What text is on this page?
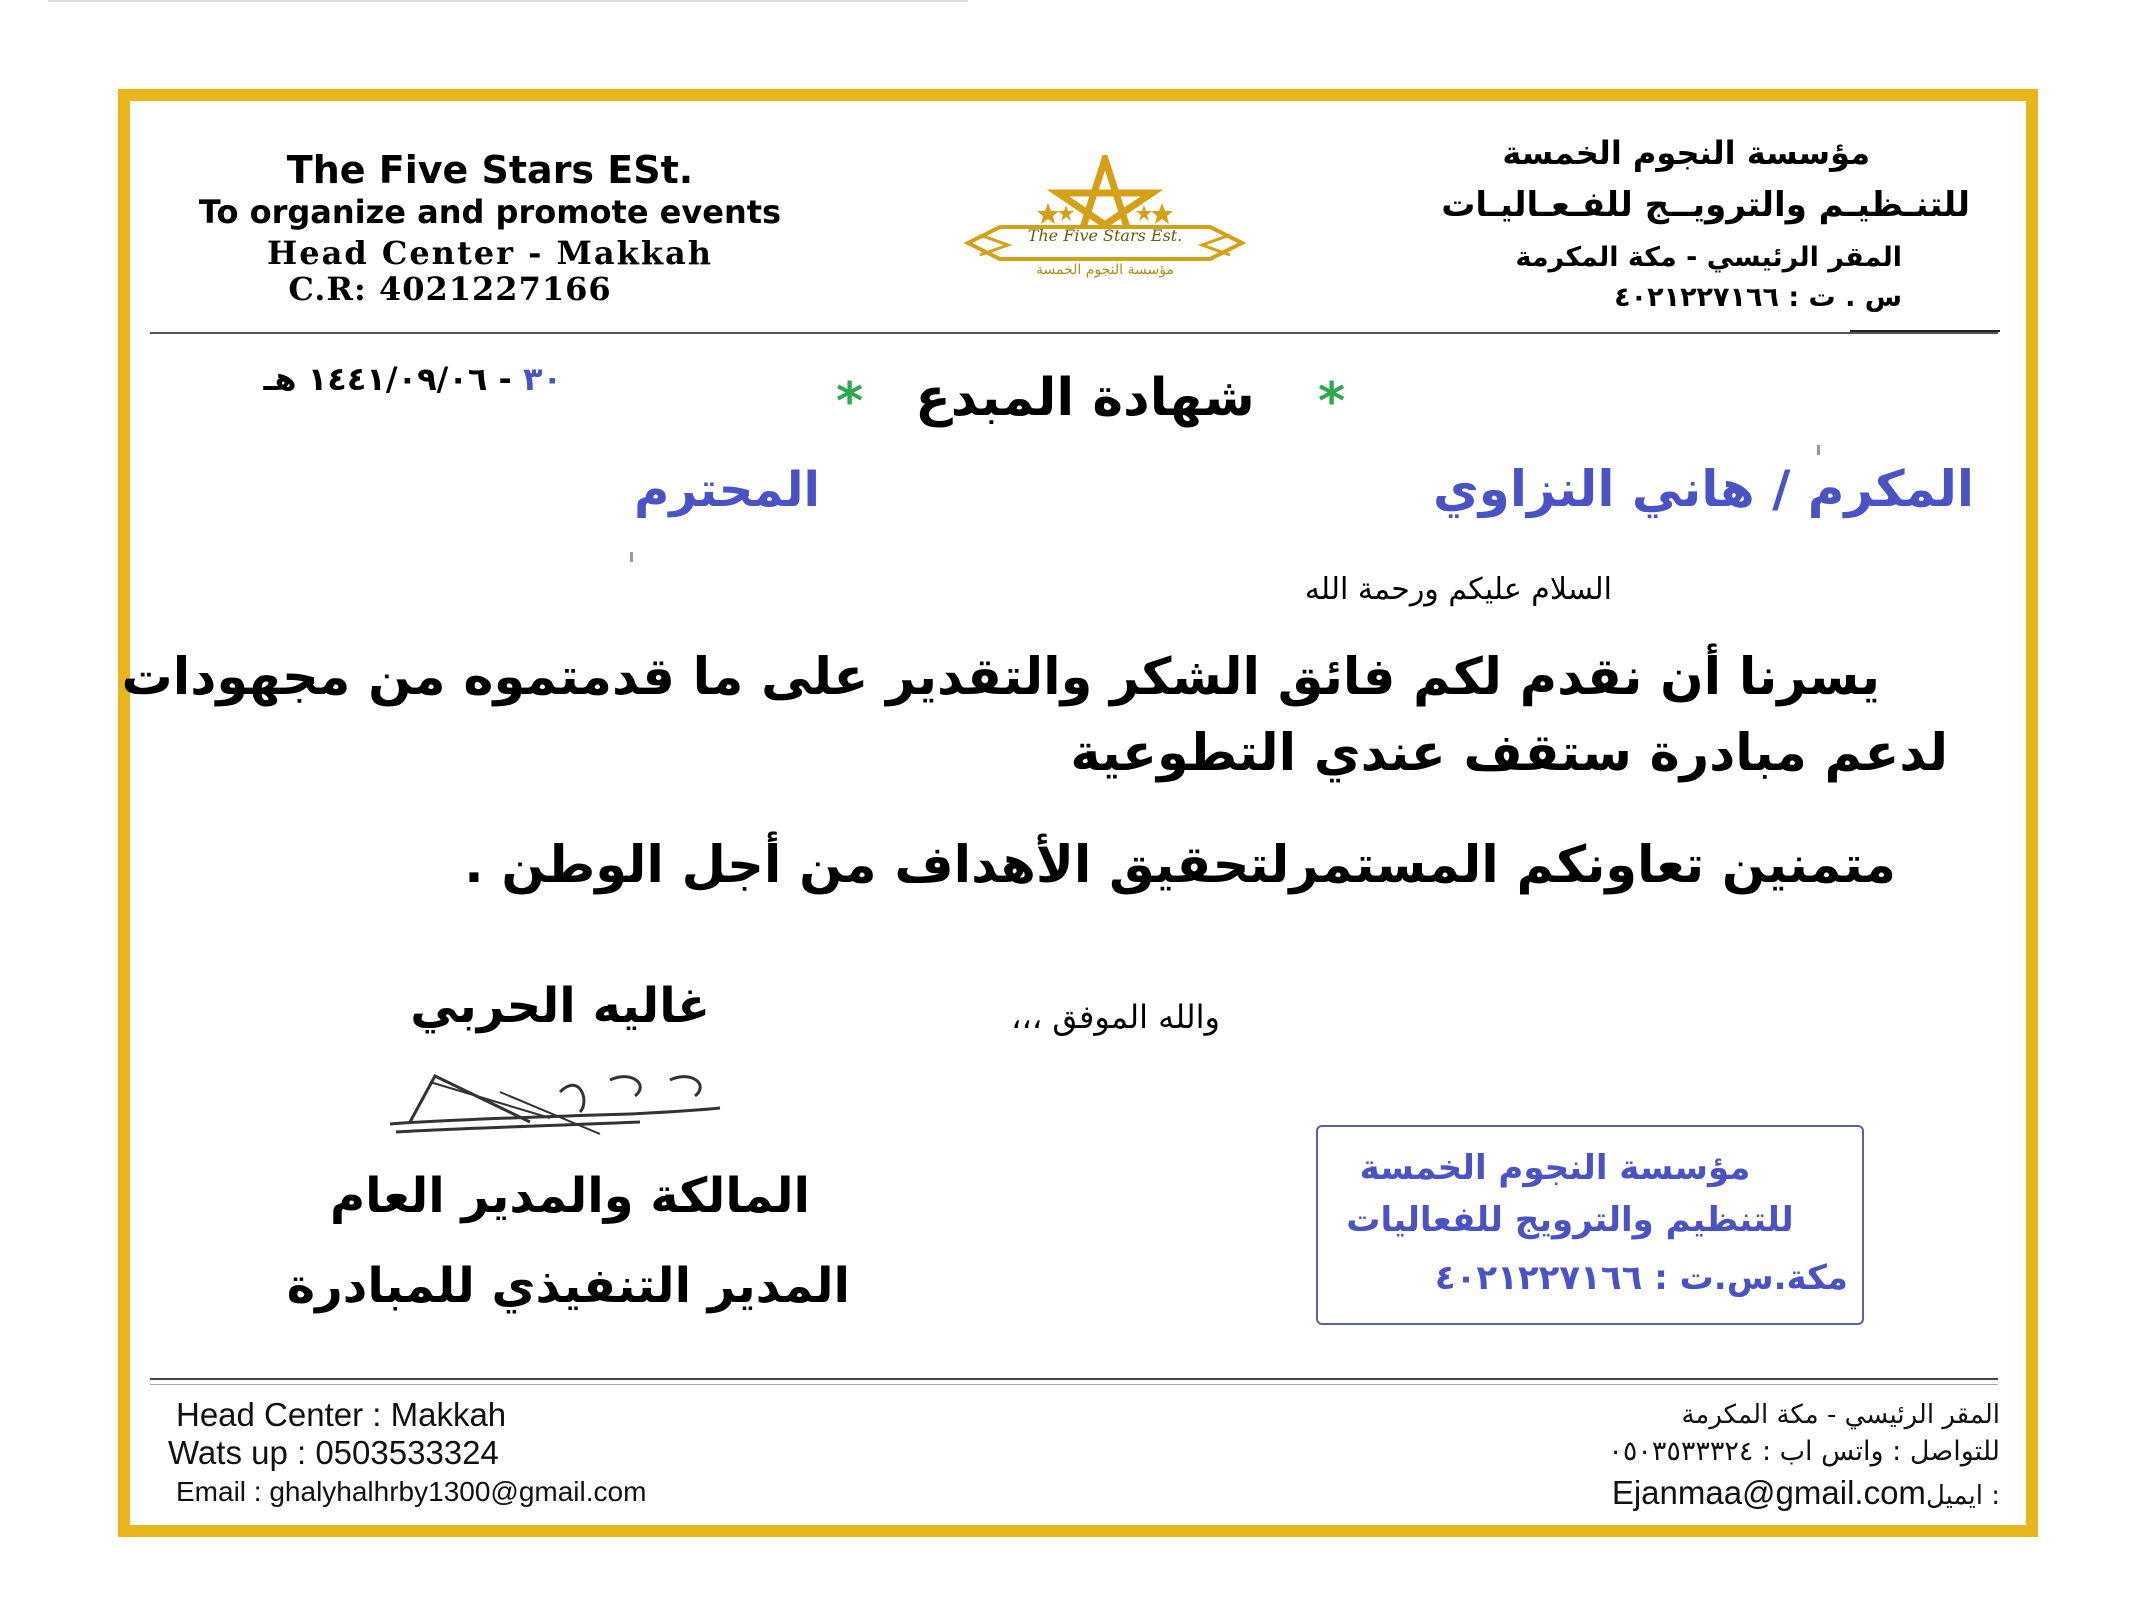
The Five Stars ESt.
To organize and promote events
Head Center - Makkah
C.R: 4021227166
The Five Stars Est.
مؤسسة النجوم الخمسة
مؤسسة النجوم الخمسة
للتنـظيـم والترويــج للفـعـاليـات
المقر الرئيسي - مكة المكرمة
س . ت : ٤٠٢١٢٢٧١٦٦
٣٠ - ١٤٤١/٠٩/٠٦ هـ	* شهادة المبدع *
المكرم / هاني النزاوي
المحترم
السلام عليكم ورحمة الله
يسرنا أن نقدم لكم فائق الشكر والتقدير على ما قدمتموه من مجهودات
لدعم مبادرة ستقف عندي التطوعية
متمنين تعاونكم المستمرلتحقيق الأهداف من أجل الوطن .
والله الموفق ،،،
غاليه الحربي
المالكة والمدير العام
المدير التنفيذي للمبادرة
مؤسسة النجوم الخمسة
للتنظيم والترويج للفعاليات
مكة.س.ت : ٤٠٢١٢٢٧١٦٦
Head Center : Makkah
Wats up : 0503533324
Email : ghalyhalhrby1300@gmail.com
المقر الرئيسي - مكة المكرمة
للتواصل : واتس اب : ٠٥٠٣٥٣٣٣٢٤
Ejanmaa@gmail.comايميل :
